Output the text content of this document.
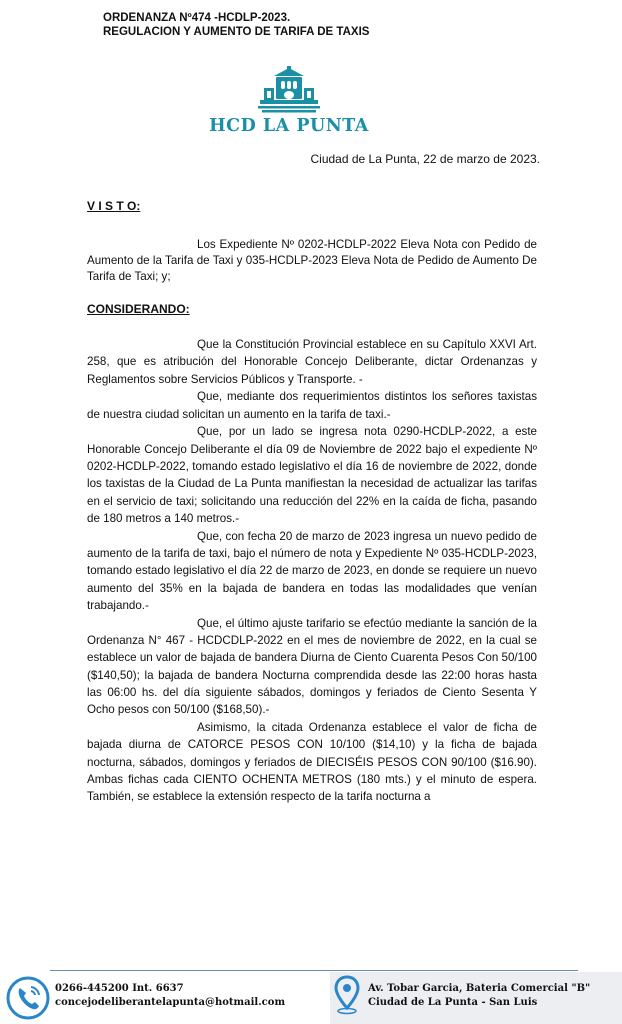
ORDENANZA Nº474 -HCDLP-2023.
REGULACION Y AUMENTO DE TARIFA DE TAXIS
HCD LA PUNTA
Ciudad de La Punta, 22 de marzo de 2023.
V I S T O:

Los Expediente Nº 0202-HCDLP-2022 Eleva Nota con Pedido de Aumento de la Tarifa de Taxi y 035-HCDLP-2023 Eleva Nota de Pedido de Aumento De Tarifa de Taxi; y;

CONSIDERANDO:

Que la Constitución Provincial establece en su Capítulo XXVI Art. 258, que es atribución del Honorable Concejo Deliberante, dictar Ordenanzas y Reglamentos sobre Servicios Públicos y Transporte. -

Que, mediante dos requerimientos distintos los señores taxistas de nuestra ciudad solicitan un aumento en la tarifa de taxi.-

Que, por un lado se ingresa nota 0290-HCDLP-2022, a este Honorable Concejo Deliberante el día 09 de Noviembre de 2022 bajo el expediente Nº 0202-HCDLP-2022, tomando estado legislativo el día 16 de noviembre de 2022, donde los taxistas de la Ciudad de La Punta manifiestan la necesidad de actualizar las tarifas en el servicio de taxi; solicitando una reducción del 22% en la caída de ficha, pasando de 180 metros a 140 metros.-

Que, con fecha 20 de marzo de 2023 ingresa un nuevo pedido de aumento de la tarifa de taxi, bajo el número de nota y Expediente Nº 035-HCDLP-2023, tomando estado legislativo el día 22 de marzo de 2023, en donde se requiere un nuevo aumento del 35% en la bajada de bandera en todas las modalidades que venían trabajando.-

Que, el último ajuste tarifario se efectúo mediante la sanción de la Ordenanza N° 467 - HCDCDLP-2022 en el mes de noviembre de 2022, en la cual se establece un valor de bajada de bandera Diurna de Ciento Cuarenta Pesos Con 50/100 ($140,50); la bajada de bandera Nocturna comprendida desde las 22:00 horas hasta las 06:00 hs. del día siguiente sábados, domingos y feriados de Ciento Sesenta Y Ocho pesos con 50/100 ($168,50).-

Asimismo, la citada Ordenanza establece el valor de ficha de bajada diurna de CATORCE PESOS CON 10/100 ($14,10) y la ficha de bajada nocturna, sábados, domingos y feriados de DIECISÉIS PESOS CON 90/100 ($16.90). Ambas fichas cada CIENTO OCHENTA METROS (180 mts.) y el minuto de espera. También, se establece la extensión respecto de la tarifa nocturna a

0266-445200 Int. 6637
concejodeliberantelapunta@hotmail.com
Av. Tobar Garcia, Bateria Comercial "B"
Ciudad de La Punta - San Luis
